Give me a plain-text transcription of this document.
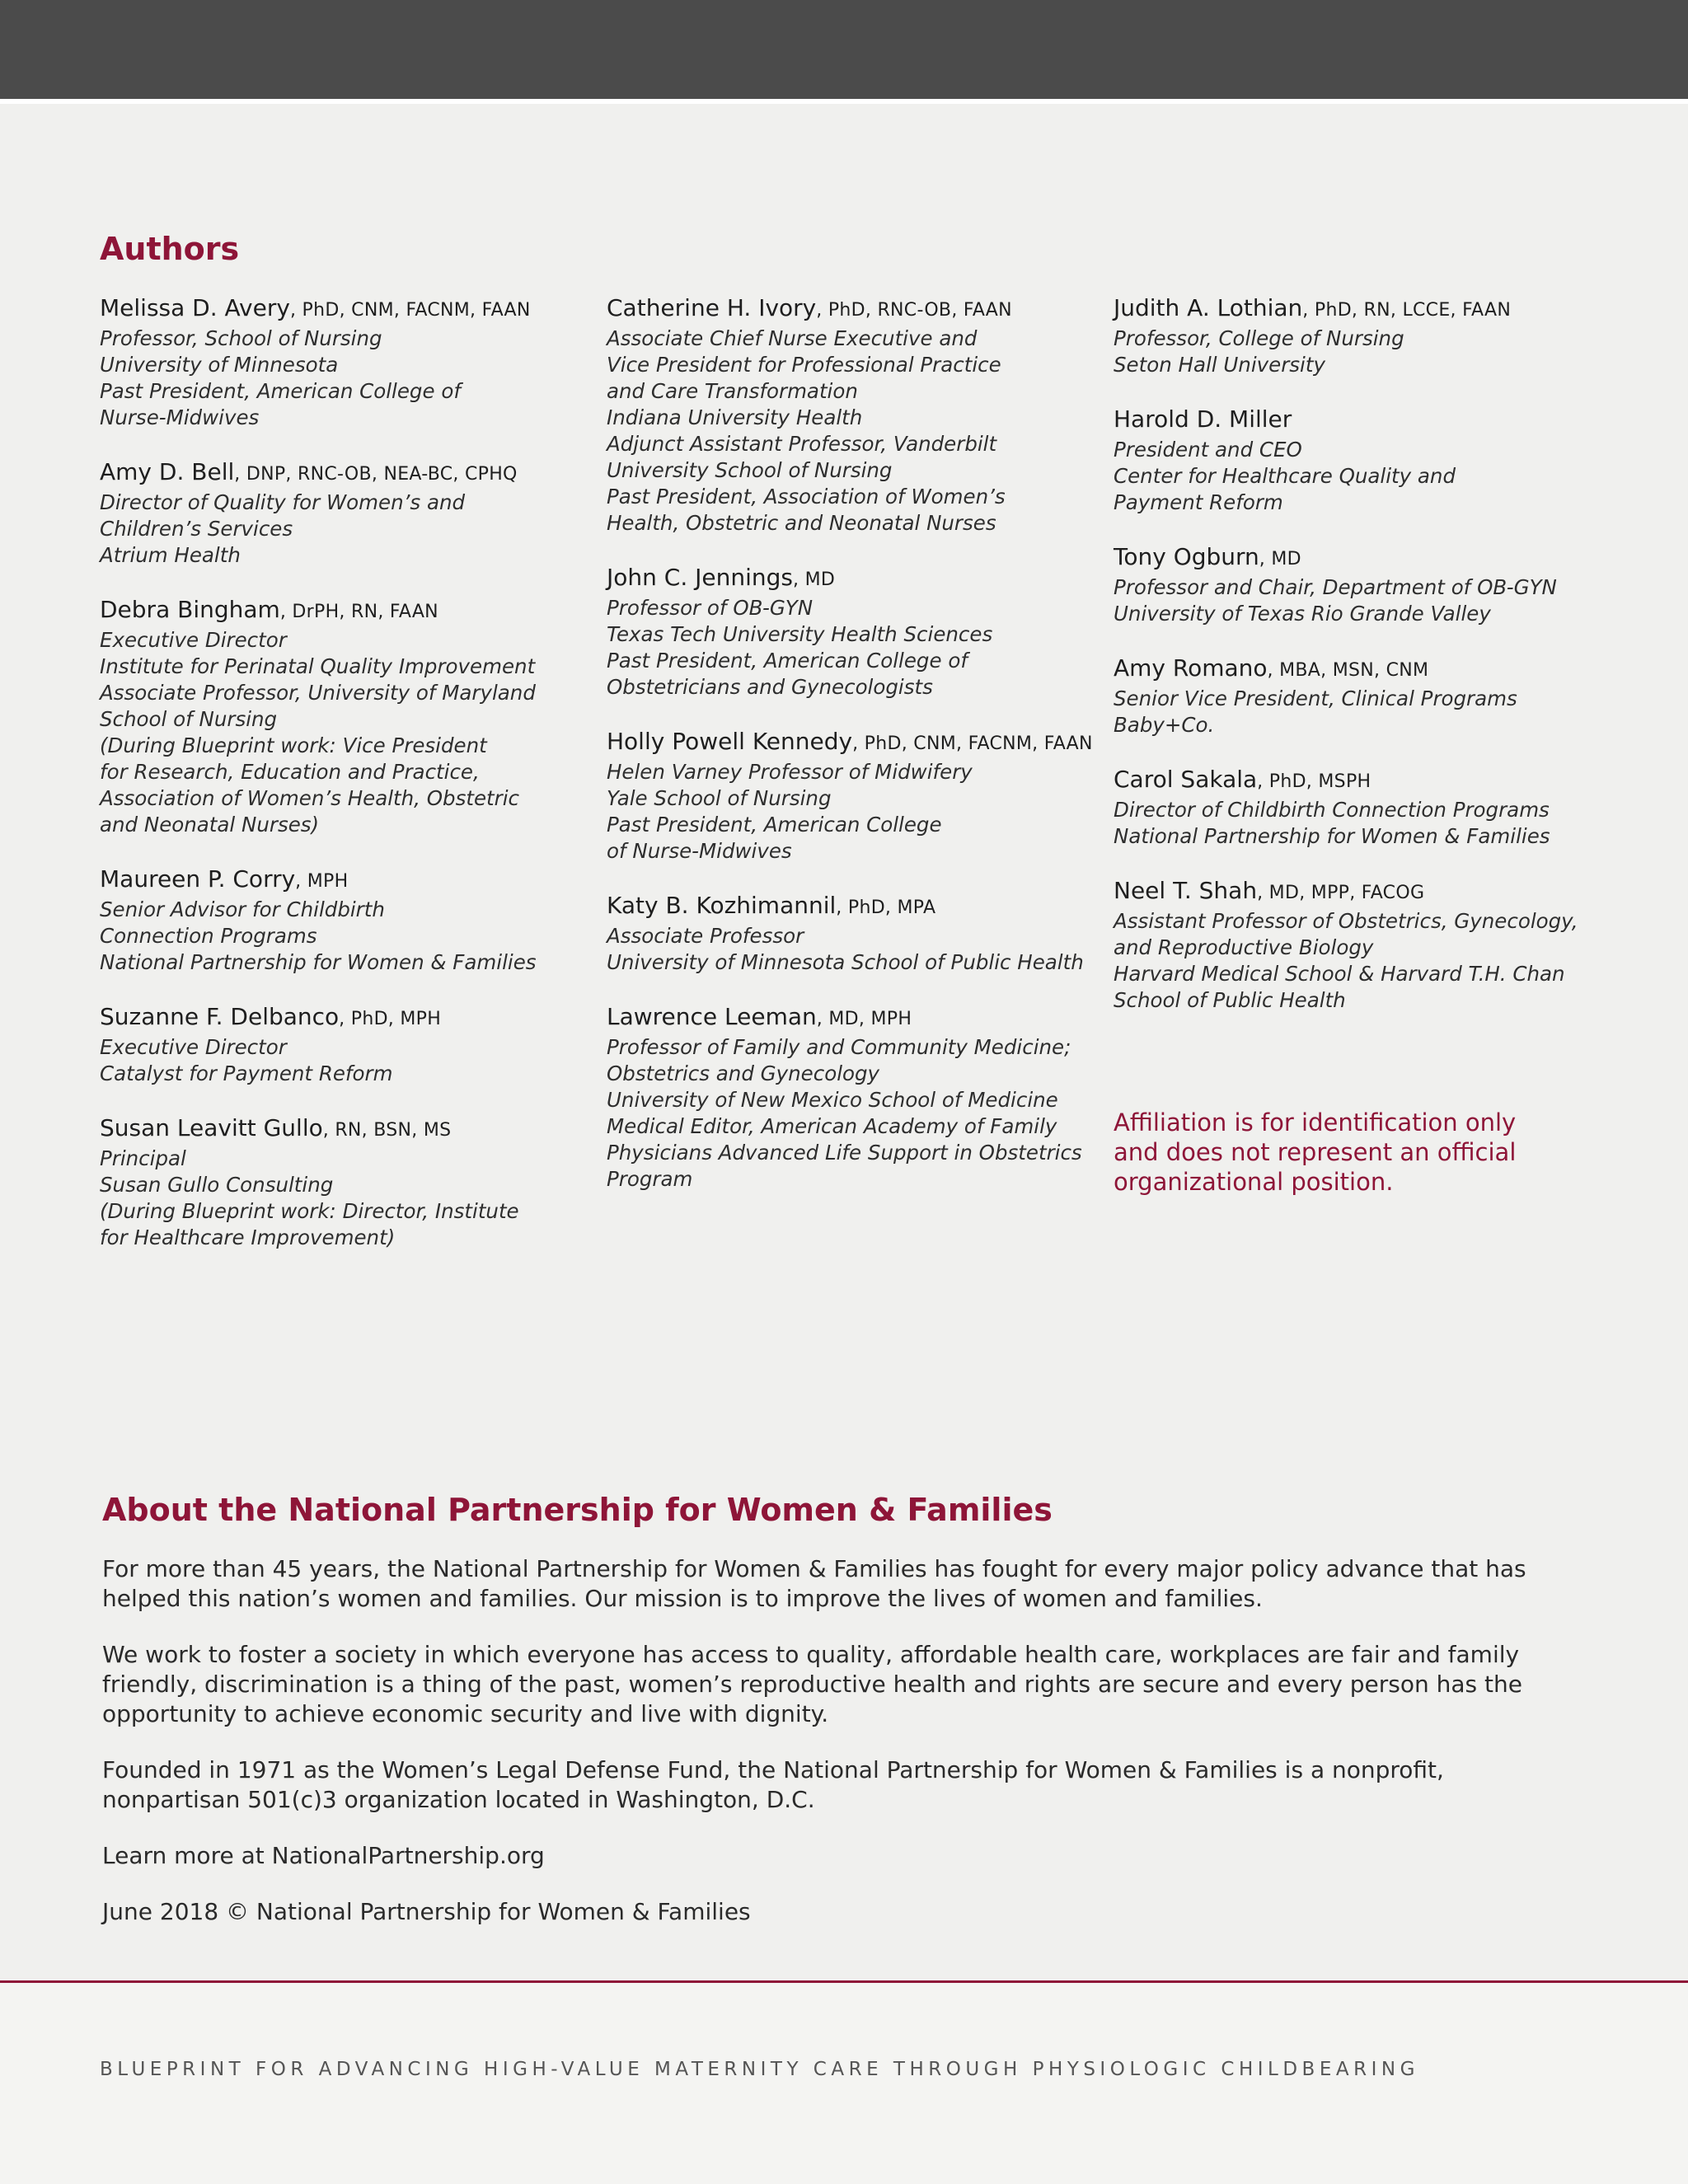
Authors
Melissa D. Avery, PhD, CNM, FACNM, FAAN
Professor, School of Nursing
University of Minnesota
Past President, American College of
Nurse-Midwives
Amy D. Bell, DNP, RNC-OB, NEA-BC, CPHQ
Director of Quality for Women’s and
Children’s Services
Atrium Health
Debra Bingham, DrPH, RN, FAAN
Executive Director
Institute for Perinatal Quality Improvement
Associate Professor, University of Maryland
School of Nursing
(During Blueprint work: Vice President
for Research, Education and Practice,
Association of Women’s Health, Obstetric
and Neonatal Nurses)
Maureen P. Corry, MPH
Senior Advisor for Childbirth
Connection Programs
National Partnership for Women & Families
Suzanne F. Delbanco, PhD, MPH
Executive Director
Catalyst for Payment Reform
Susan Leavitt Gullo, RN, BSN, MS
Principal
Susan Gullo Consulting
(During Blueprint work: Director, Institute
for Healthcare Improvement)
Catherine H. Ivory, PhD, RNC-OB, FAAN
Associate Chief Nurse Executive and
Vice President for Professional Practice
and Care Transformation
Indiana University Health
Adjunct Assistant Professor, Vanderbilt
University School of Nursing
Past President, Association of Women’s
Health, Obstetric and Neonatal Nurses
John C. Jennings, MD
Professor of OB-GYN
Texas Tech University Health Sciences
Past President, American College of
Obstetricians and Gynecologists
Holly Powell Kennedy, PhD, CNM, FACNM, FAAN
Helen Varney Professor of Midwifery
Yale School of Nursing
Past President, American College
of Nurse-Midwives
Katy B. Kozhimannil, PhD, MPA
Associate Professor
University of Minnesota School of Public Health
Lawrence Leeman, MD, MPH
Professor of Family and Community Medicine;
Obstetrics and Gynecology
University of New Mexico School of Medicine
Medical Editor, American Academy of Family
Physicians Advanced Life Support in Obstetrics
Program
Judith A. Lothian, PhD, RN, LCCE, FAAN
Professor, College of Nursing
Seton Hall University
Harold D. Miller
President and CEO
Center for Healthcare Quality and
Payment Reform
Tony Ogburn, MD
Professor and Chair, Department of OB-GYN
University of Texas Rio Grande Valley
Amy Romano, MBA, MSN, CNM
Senior Vice President, Clinical Programs
Baby+Co.
Carol Sakala, PhD, MSPH
Director of Childbirth Connection Programs
National Partnership for Women & Families
Neel T. Shah, MD, MPP, FACOG
Assistant Professor of Obstetrics, Gynecology,
and Reproductive Biology
Harvard Medical School & Harvard T.H. Chan
School of Public Health

Affiliation is for identification only and does not represent an official organizational position.

About the National Partnership for Women & Families

For more than 45 years, the National Partnership for Women & Families has fought for every major policy advance that has helped this nation’s women and families. Our mission is to improve the lives of women and families.

We work to foster a society in which everyone has access to quality, affordable health care, workplaces are fair and family friendly, discrimination is a thing of the past, women’s reproductive health and rights are secure and every person has the opportunity to achieve economic security and live with dignity.

Founded in 1971 as the Women’s Legal Defense Fund, the National Partnership for Women & Families is a nonprofit, nonpartisan 501(c)3 organization located in Washington, D.C.

Learn more at NationalPartnership.org

June 2018 © National Partnership for Women & Families

BLUEPRINT FOR ADVANCING HIGH-VALUE MATERNITY CARE THROUGH PHYSIOLOGIC CHILDBEARING
